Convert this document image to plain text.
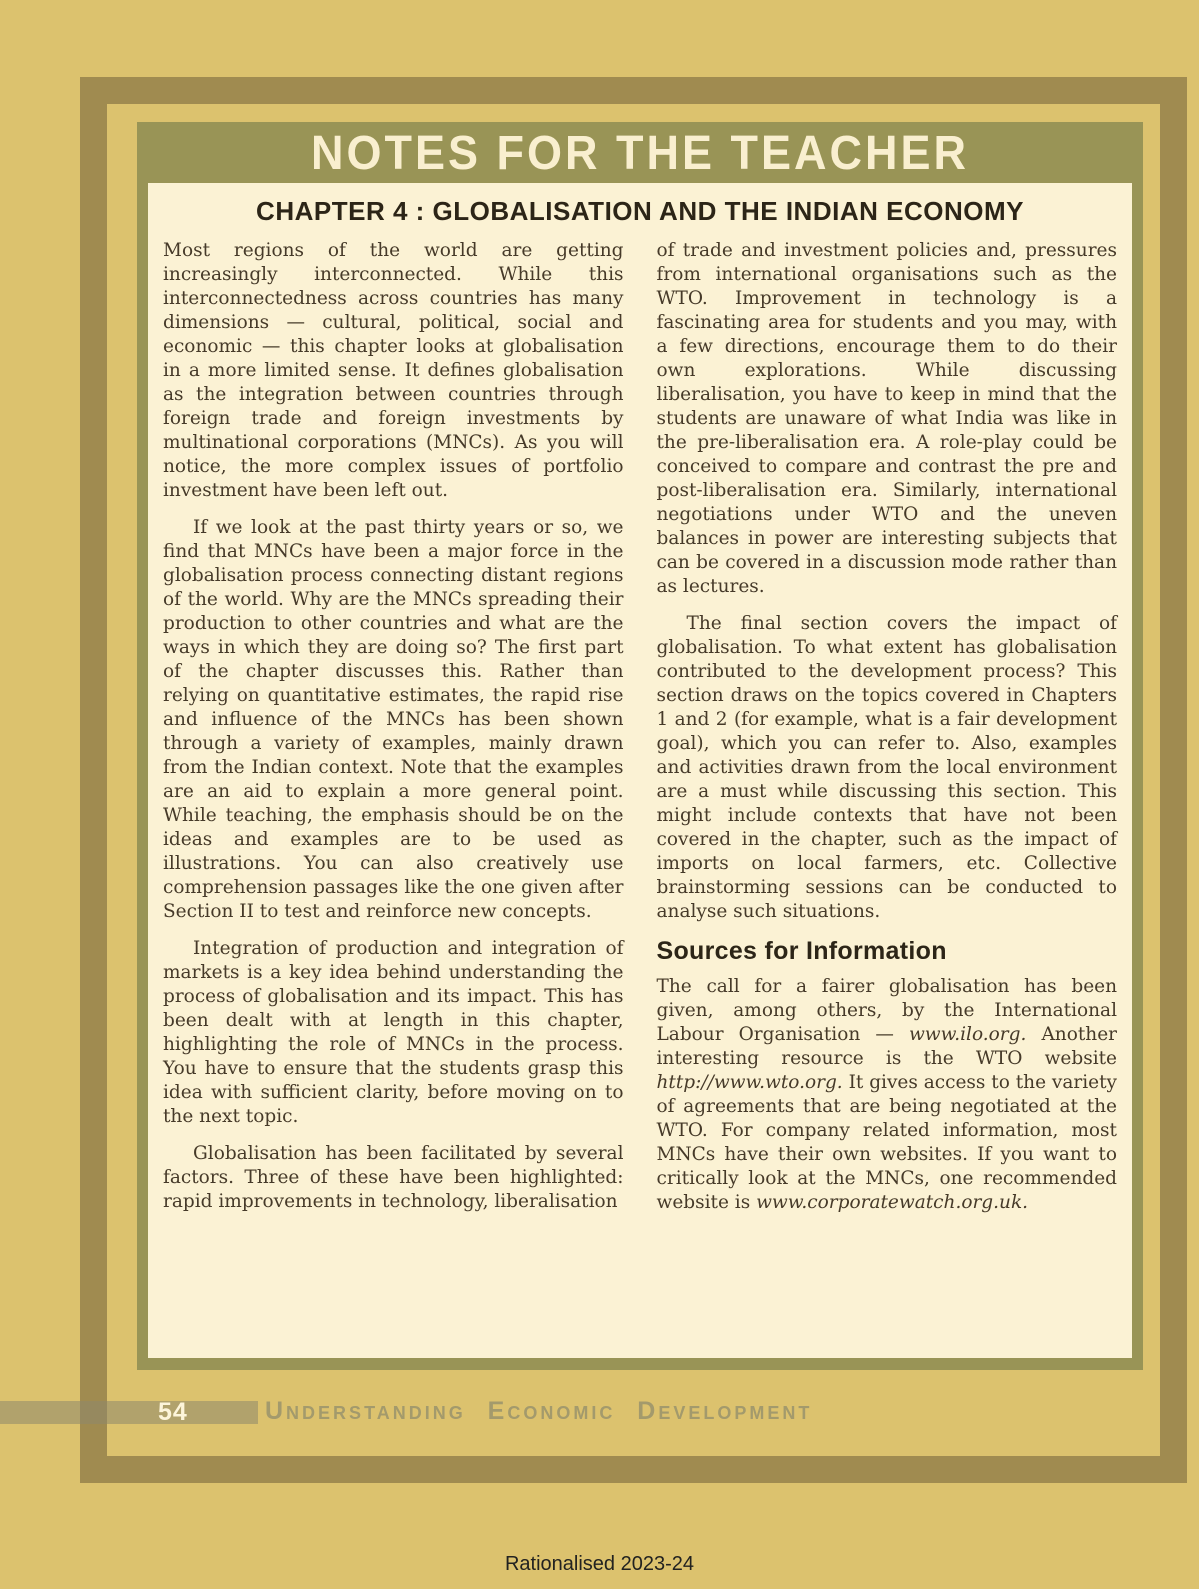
NOTES FOR THE TEACHER
CHAPTER 4 : GLOBALISATION AND THE INDIAN ECONOMY

Most regions of the world are getting increasingly interconnected. While this interconnectedness across countries has many dimensions — cultural, political, social and economic — this chapter looks at globalisation in a more limited sense. It defines globalisation as the integration between countries through foreign trade and foreign investments by multinational corporations (MNCs). As you will notice, the more complex issues of portfolio investment have been left out.

If we look at the past thirty years or so, we find that MNCs have been a major force in the globalisation process connecting distant regions of the world. Why are the MNCs spreading their production to other countries and what are the ways in which they are doing so? The first part of the chapter discusses this. Rather than relying on quantitative estimates, the rapid rise and influence of the MNCs has been shown through a variety of examples, mainly drawn from the Indian context. Note that the examples are an aid to explain a more general point. While teaching, the emphasis should be on the ideas and examples are to be used as illustrations. You can also creatively use comprehension passages like the one given after Section II to test and reinforce new concepts.

Integration of production and integration of markets is a key idea behind understanding the process of globalisation and its impact. This has been dealt with at length in this chapter, highlighting the role of MNCs in the process. You have to ensure that the students grasp this idea with sufficient clarity, before moving on to the next topic.

Globalisation has been facilitated by several factors. Three of these have been highlighted: rapid improvements in technology, liberalisation

of trade and investment policies and, pressures from international organisations such as the WTO. Improvement in technology is a fascinating area for students and you may, with a few directions, encourage them to do their own explorations. While discussing liberalisation, you have to keep in mind that the students are unaware of what India was like in the pre-liberalisation era. A role-play could be conceived to compare and contrast the pre and post-liberalisation era. Similarly, international negotiations under WTO and the uneven balances in power are interesting subjects that can be covered in a discussion mode rather than as lectures.

The final section covers the impact of globalisation. To what extent has globalisation contributed to the development process? This section draws on the topics covered in Chapters 1 and 2 (for example, what is a fair development goal), which you can refer to. Also, examples and activities drawn from the local environment are a must while discussing this section. This might include contexts that have not been covered in the chapter, such as the impact of imports on local farmers, etc. Collective brainstorming sessions can be conducted to analyse such situations.

Sources for Information

The call for a fairer globalisation has been given, among others, by the International Labour Organisation — www.ilo.org. Another interesting resource is the WTO website http://www.wto.org. It gives access to the variety of agreements that are being negotiated at the WTO. For company related information, most MNCs have their own websites. If you want to critically look at the MNCs, one recommended website is www.corporatewatch.org.uk.

54	Understanding Economic Development
Rationalised 2023-24
